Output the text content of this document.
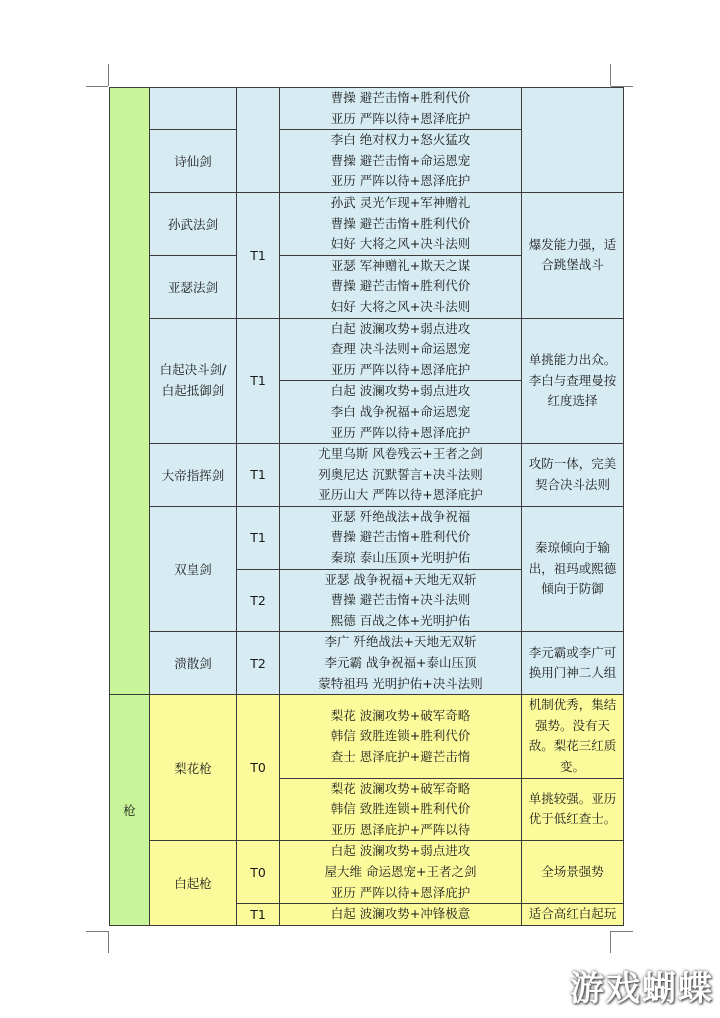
			曹操 避芒击惰+胜利代价
亚历 严阵以待+恩泽庇护	

	诗仙剑		李白 绝对权力+怒火猛攻
曹操 避芒击惰+命运恩宠
亚历 严阵以待+恩泽庇护	

	孙武法剑	T1	孙武 灵光乍现+军神赠礼
曹操 避芒击惰+胜利代价
妇好 大将之风+决斗法则	爆发能力强，适合跳堡战斗

	亚瑟法剑		亚瑟 军神赠礼+欺天之谋
曹操 避芒击惰+胜利代价
妇好 大将之风+决斗法则	

	白起决斗剑/白起抵御剑	T1	白起 波澜攻势+弱点进攻
查理 决斗法则+命运恩宠
亚历 严阵以待+恩泽庇护	单挑能力出众。李白与查理曼按红度选择

			白起 波澜攻势+弱点进攻
李白 战争祝福+命运恩宠
亚历 严阵以待+恩泽庇护	

	大帝指挥剑	T1	尤里乌斯 风卷残云+王者之剑
列奥尼达 沉默誓言+决斗法则
亚历山大 严阵以待+恩泽庇护	攻防一体，完美契合决斗法则

	双皇剑	T1	亚瑟 歼绝战法+战争祝福
曹操 避芒击惰+胜利代价
秦琼 泰山压顶+光明护佑	秦琼倾向于输出，祖玛或熙德倾向于防御

		T2	亚瑟 战争祝福+天地无双斩
曹操 避芒击惰+决斗法则
熙德 百战之体+光明护佑	

	溃散剑	T2	李广 歼绝战法+天地无双斩
李元霸 战争祝福+泰山压顶
蒙特祖玛 光明护佑+决斗法则	李元霸或李广可换用门神二人组

枪	梨花枪	T0	梨花 波澜攻势+破军奇略
韩信 致胜连锁+胜利代价
查士 恩泽庇护+避芒击惰	机制优秀，集结强势。没有天敌。梨花三红质变。

			梨花 波澜攻势+破军奇略
韩信 致胜连锁+胜利代价
亚历 恩泽庇护+严阵以待	单挑较强。亚历优于低红查士。

	白起枪	T0	白起 波澜攻势+弱点进攻
屋大维 命运恩宠+王者之剑
亚历 严阵以待+恩泽庇护	全场景强势

		T1	白起 波澜攻势+冲锋极意	适合高红白起玩
游戏蝴蝶
